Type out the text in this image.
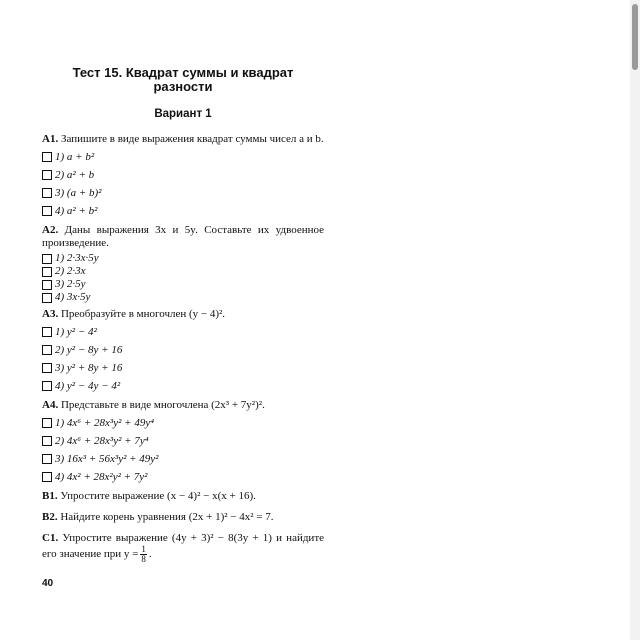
Тест 15. Квадрат суммы и квадрат разности
Вариант 1

А1. Запишите в виде выражения квадрат суммы чисел a и b.

1) a + b²
2) a² + b
3) (a + b)²
4) a² + b²

А2. Даны выражения 3x и 5y. Составьте их удвоенное произведение.

1) 2·3x·5y
2) 2·3x
3) 2·5y
4) 3x·5y

А3. Преобразуйте в многочлен (y − 4)².

1) y² − 4²
2) y² − 8y + 16
3) y² + 8y + 16
4) y² − 4y − 4²

А4. Представьте в виде многочлена (2x³ + 7y²)².

1) 4x⁶ + 28x³y² + 49y⁴
2) 4x⁶ + 28x³y² + 7y⁴
3) 16x³ + 56x³y² + 49y²
4) 4x² + 28x²y² + 7y²

В1. Упростите выражение (x − 4)² − x(x + 16).

В2. Найдите корень уравнения (2x + 1)² − 4x² = 7.

С1. Упростите выражение (4y + 3)² − 8(3y + 1) и найдите его значение при $y = \frac{1}{8}$ .

40
